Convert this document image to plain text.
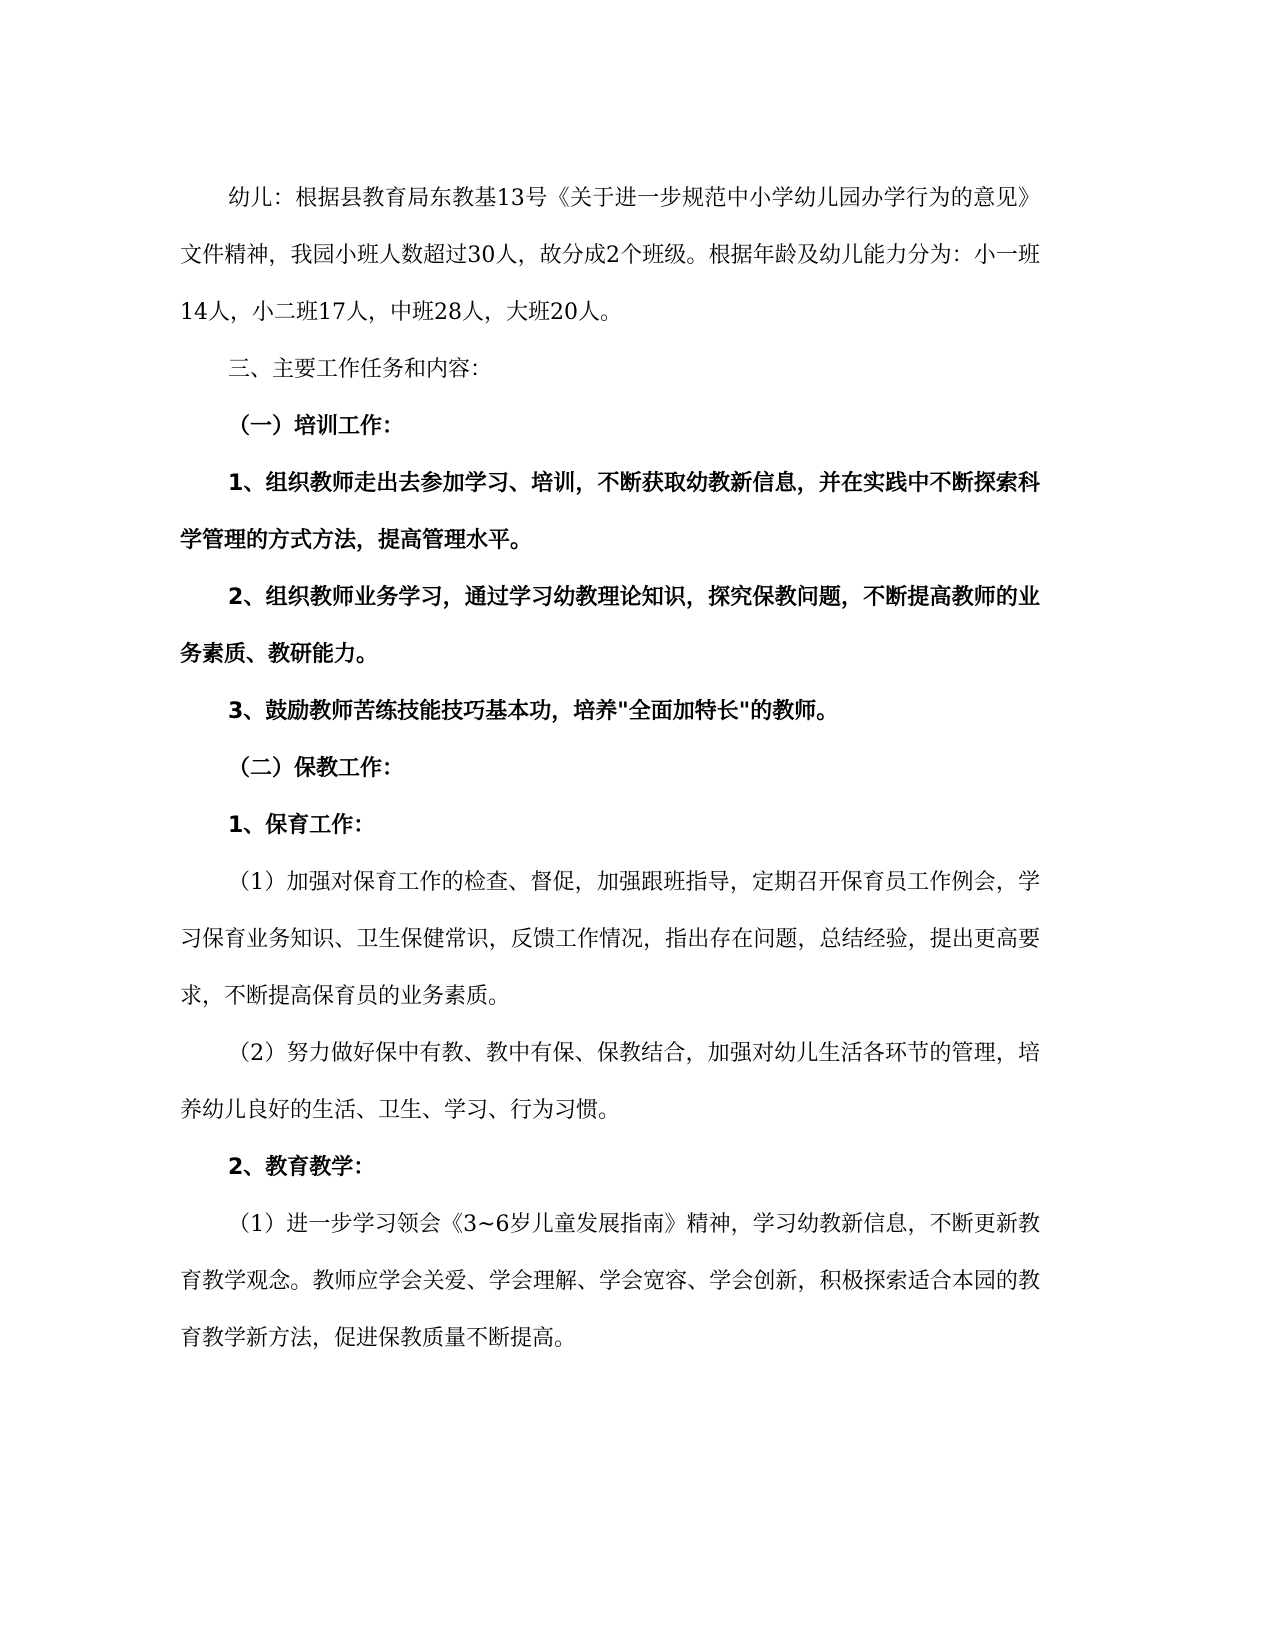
幼儿：根据县教育局东教基13号《关于进一步规范中小学幼儿园办学行为的意见》文件精神，我园小班人数超过30人，故分成2个班级。根据年龄及幼儿能力分为：小一班14人，小二班17人，中班28人，大班20人。

三、主要工作任务和内容：

（一）培训工作：

1、组织教师走出去参加学习、培训，不断获取幼教新信息，并在实践中不断探索科学管理的方式方法，提高管理水平。

2、组织教师业务学习，通过学习幼教理论知识，探究保教问题，不断提高教师的业务素质、教研能力。

3、鼓励教师苦练技能技巧基本功，培养"全面加特长"的教师。

（二）保教工作：

1、保育工作：

（1）加强对保育工作的检查、督促，加强跟班指导，定期召开保育员工作例会，学习保育业务知识、卫生保健常识，反馈工作情况，指出存在问题，总结经验，提出更高要求，不断提高保育员的业务素质。

（2）努力做好保中有教、教中有保、保教结合，加强对幼儿生活各环节的管理，培养幼儿良好的生活、卫生、学习、行为习惯。

2、教育教学：

（1）进一步学习领会《3~6岁儿童发展指南》精神，学习幼教新信息，不断更新教育教学观念。教师应学会关爱、学会理解、学会宽容、学会创新，积极探索适合本园的教育教学新方法，促进保教质量不断提高。
